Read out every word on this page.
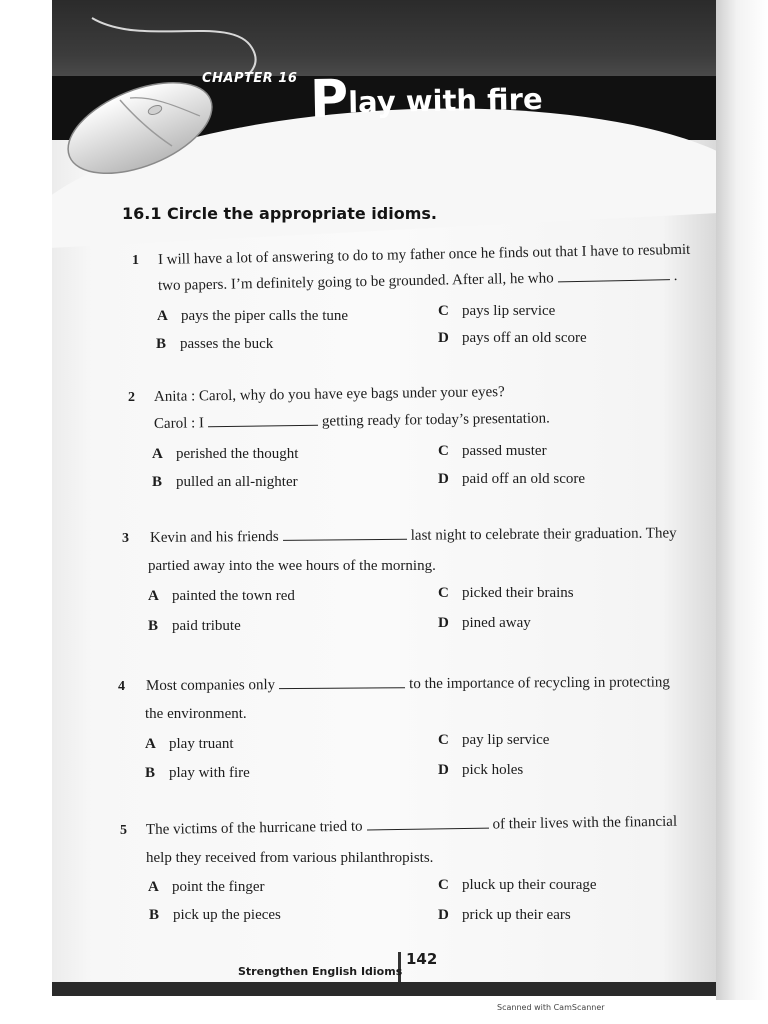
CHAPTER 16 Play with fire
16.1 Circle the appropriate idioms.
1 I will have a lot of answering to do to my father once he finds out that I have to resubmit
two papers. I’m definitely going to be grounded. After all, he who	.
A pays the piper calls the tune
B passes the buck
C pays lip service
D pays off an old score
2 Anita : Carol, why do you have eye bags under your eyes?
Carol : I	getting ready for today’s presentation.
A perished the thought
B pulled an all-nighter
C passed muster
D paid off an old score
3 Kevin and his friends	last night to celebrate their graduation. They
partied away into the wee hours of the morning.
A painted the town red
B paid tribute
C picked their brains
D pined away
4 Most companies only	to the importance of recycling in protecting
the environment.
A play truant
B play with fire
C pay lip service
D pick holes
5 The victims of the hurricane tried to	of their lives with the financial
help they received from various philanthropists.
A point the finger
B pick up the pieces
C pluck up their courage
D prick up their ears
142
Strengthen English Idioms
Scanned with CamScanner
